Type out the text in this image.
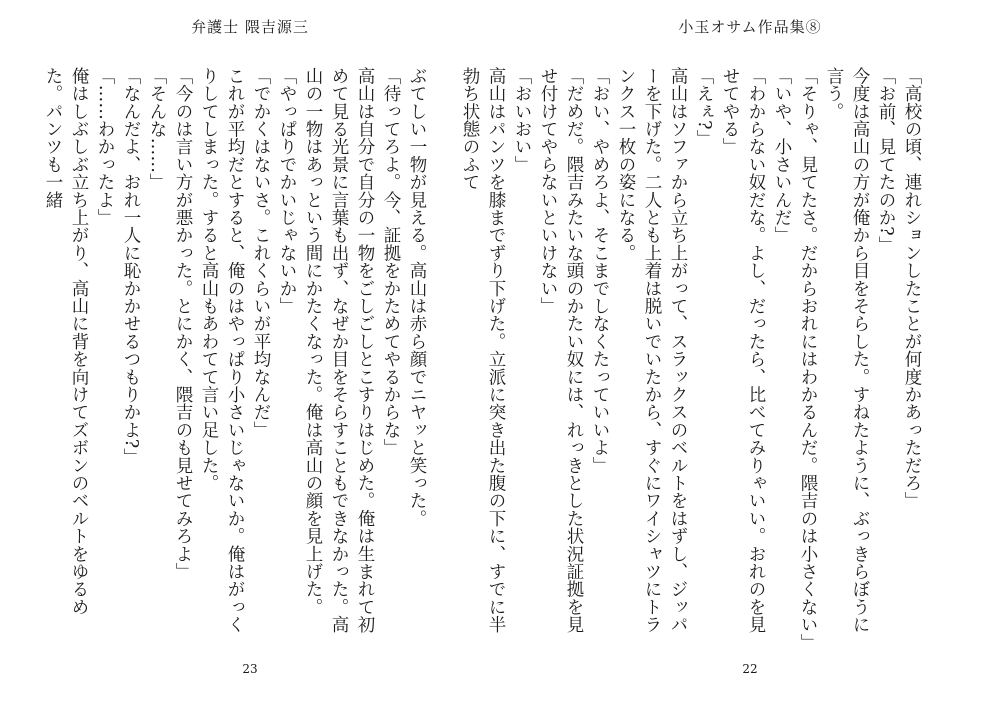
弁護士 隈吉源三

ぶてしい一物が見える。高山は赤ら顔でニヤッと笑った。

「待ってろよ。今、証拠をかためてやるからな」

高山は自分で自分の一物をごしごしとこすりはじめた。俺は生まれて初めて見る光景に言葉も出ず、なぜか目をそらすこともできなかった。高山の一物はあっという間にかたくなった。俺は高山の顔を見上げた。

「やっぱりでかいじゃないか」

「でかくはないさ。これくらいが平均なんだ」

これが平均だとすると、俺のはやっぱり小さいじゃないか。俺はがっくりしてしまった。すると高山もあわてて言い足した。

「今のは言い方が悪かった。とにかく、隈吉のも見せてみろよ」

「そんな……」

「なんだよ、おれ一人に恥かかせるつもりかよ?」

「……わかったよ」

俺はしぶしぶ立ち上がり、高山に背を向けてズボンのベルトをゆるめた。パンツも一緒

23
小玉オサム作品集⑧

「高校の頃、連れションしたことが何度かあっただろ」

「お前、見てたのか?」

今度は高山の方が俺から目をそらした。すねたように、ぶっきらぼうに言う。

「そりゃ、見てたさ。だからおれにはわかるんだ。隈吉のは小さくない」

「いや、小さいんだ」

「わからない奴だな。よし、だったら、比べてみりゃいい。おれのを見せてやる」

「えぇ?」

高山はソファから立ち上がって、スラックスのベルトをはずし、ジッパーを下げた。二人とも上着は脱いでいたから、すぐにワイシャツにトランクス一枚の姿になる。

「おい、やめろよ、そこまでしなくたっていいよ」

「だめだ。隈吉みたいな頭のかたい奴には、れっきとした状況証拠を見せ付けてやらないといけない」

「おいおい」

高山はパンツを膝までずり下げた。立派に突き出た腹の下に、すでに半勃ち状態のふて

22
